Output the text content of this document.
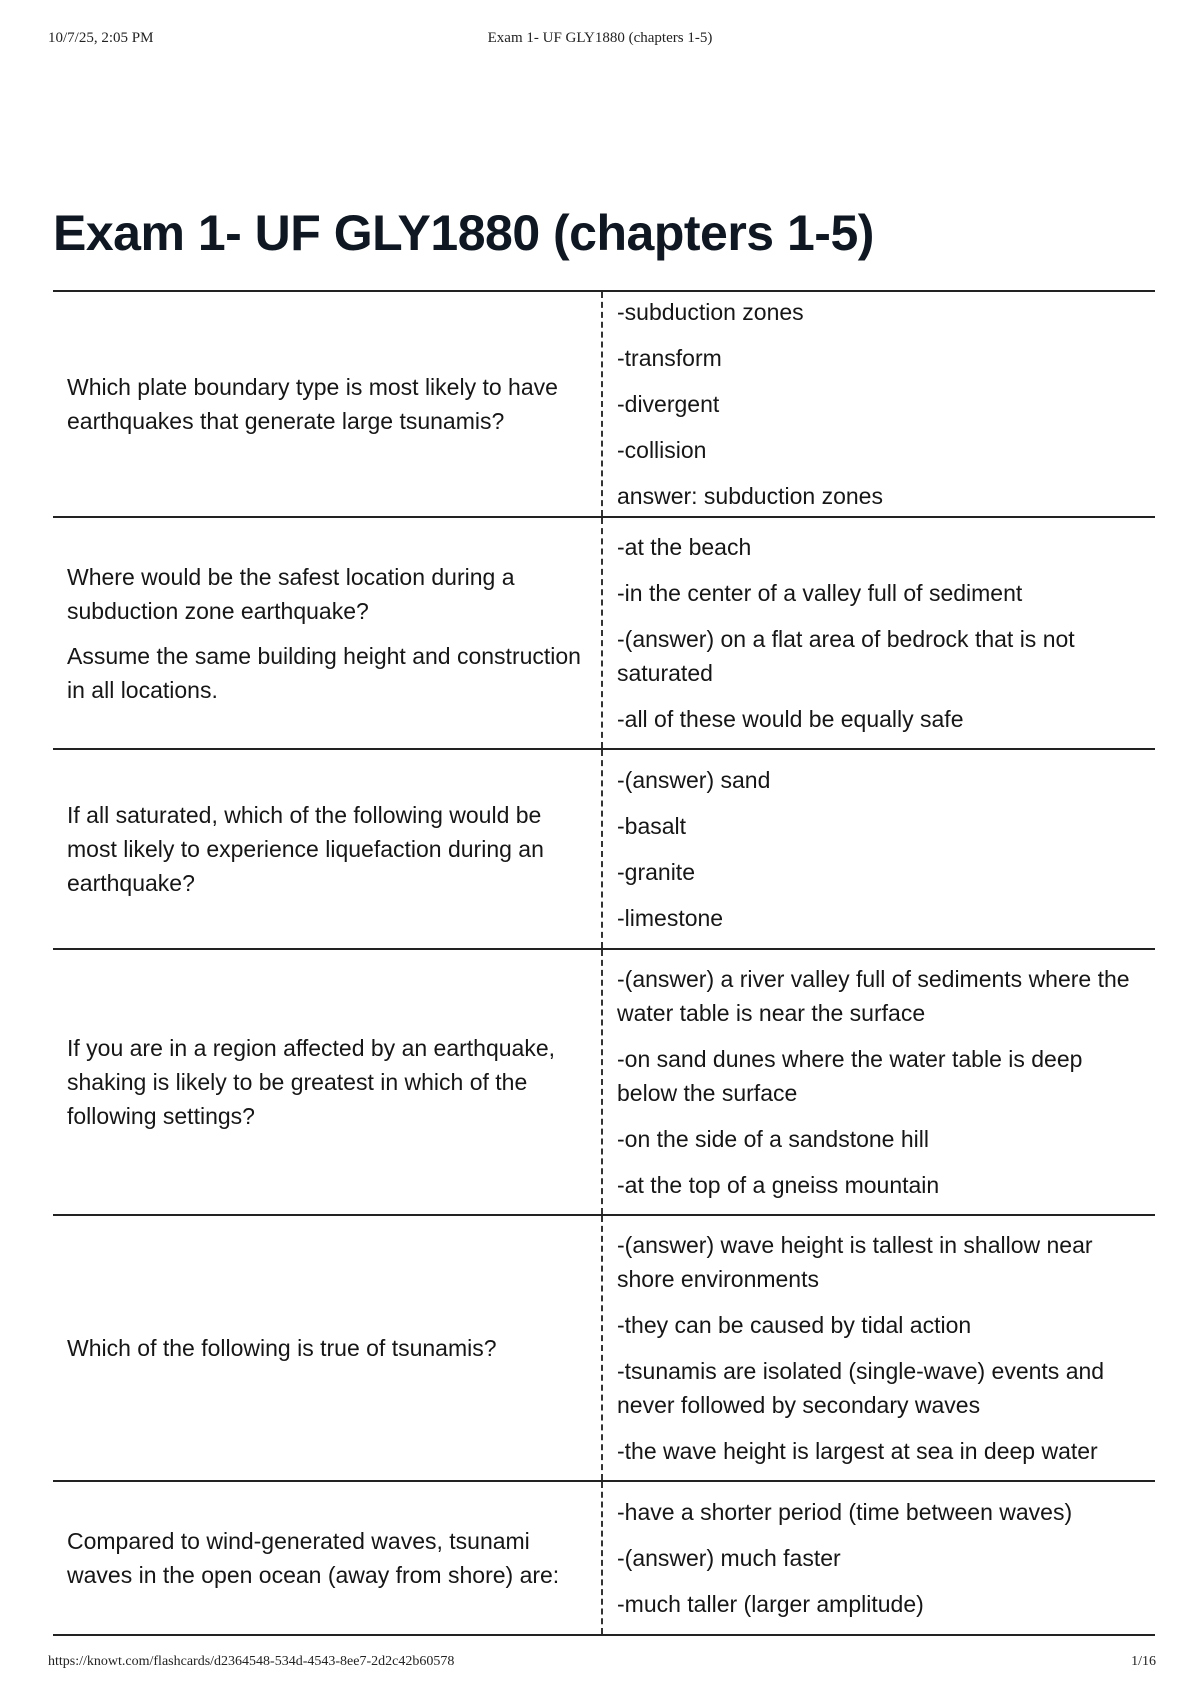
10/7/25, 2:05 PM	Exam 1- UF GLY1880 (chapters 1-5)
Exam 1- UF GLY1880 (chapters 1-5)

Which plate boundary type is most likely to have earthquakes that generate large tsunamis?

-subduction zones

-transform

-divergent

-collision

answer: subduction zones

Where would be the safest location during a subduction zone earthquake?

Assume the same building height and construction in all locations.

-at the beach

-in the center of a valley full of sediment

-(answer) on a flat area of bedrock that is not saturated

-all of these would be equally safe

If all saturated, which of the following would be most likely to experience liquefaction during an earthquake?

-(answer) sand

-basalt

-granite

-limestone

If you are in a region affected by an earthquake, shaking is likely to be greatest in which of the following settings?

-(answer) a river valley full of sediments where the water table is near the surface

-on sand dunes where the water table is deep below the surface

-on the side of a sandstone hill

-at the top of a gneiss mountain

Which of the following is true of tsunamis?

-(answer) wave height is tallest in shallow near shore environments

-they can be caused by tidal action

-tsunamis are isolated (single-wave) events and never followed by secondary waves

-the wave height is largest at sea in deep water

Compared to wind-generated waves, tsunami waves in the open ocean (away from shore) are:

-have a shorter period (time between waves)

-(answer) much faster

-much taller (larger amplitude)

https://knowt.com/flashcards/d2364548-534d-4543-8ee7-2d2c42b60578	1/16
